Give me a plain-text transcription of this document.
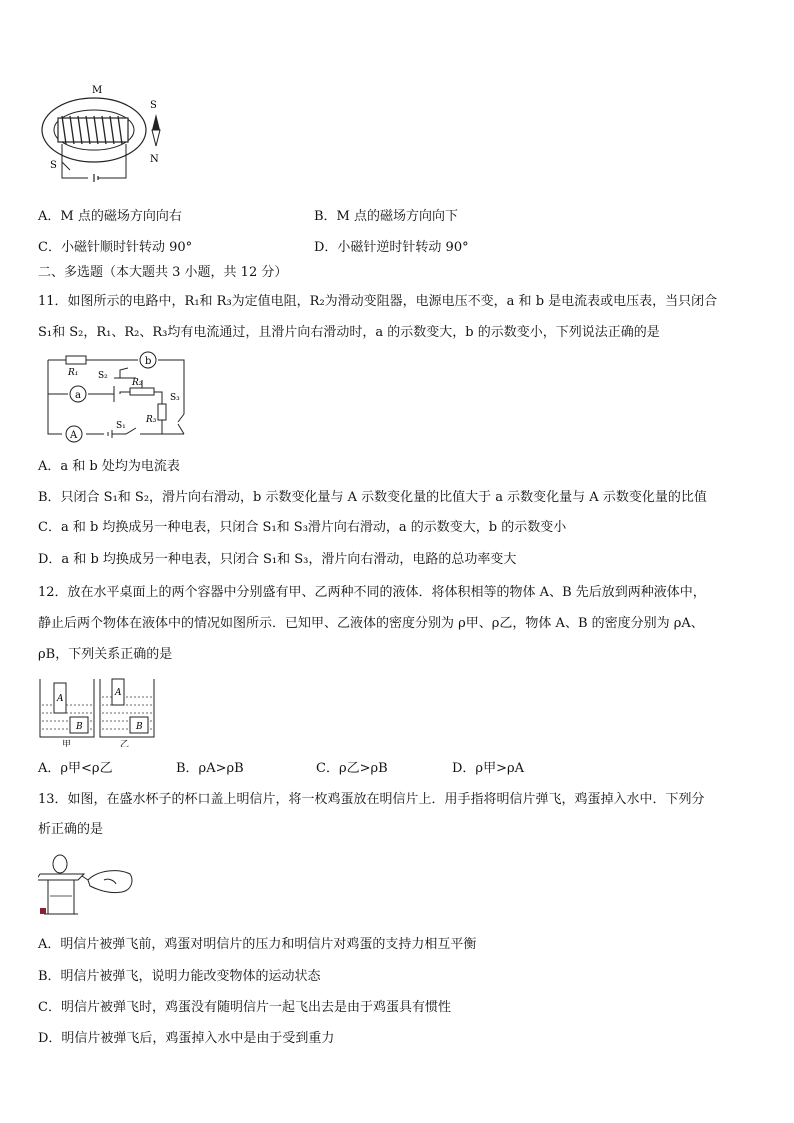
M
S
S
N
A．M 点的磁场方向向右	B．M 点的磁场方向向下
C．小磁针顺时针转动 90°	D．小磁针逆时针转动 90°
二、多选题（本大题共 3 小题，共 12 分）
11．如图所示的电路中，R₁和 R₃为定值电阻，R₂为滑动变阻器，电源电压不变，a 和 b 是电流表或电压表，当只闭合
S₁和 S₂，R₁、R₂、R₃均有电流通过，且滑片向右滑动时，a 的示数变大，b 的示数变小，下列说法正确的是
b
a
A
R₁
R₂
R₃
S₁
S₂
S₃
A．a 和 b 处均为电流表
B．只闭合 S₁和 S₂，滑片向右滑动，b 示数变化量与 A 示数变化量的比值大于 a 示数变化量与 A 示数变化量的比值
C．a 和 b 均换成另一种电表，只闭合 S₁和 S₃滑片向右滑动，a 的示数变大，b 的示数变小
D．a 和 b 均换成另一种电表，只闭合 S₁和 S₃，滑片向右滑动，电路的总功率变大
12．放在水平桌面上的两个容器中分别盛有甲、乙两种不同的液体．将体积相等的物体 A、B 先后放到两种液体中，
静止后两个物体在液体中的情况如图所示．已知甲、乙液体的密度分别为 ρ甲、ρ乙，物体 A、B 的密度分别为 ρA、
ρB，下列关系正确的是
A
B
A
B
甲	乙
A．ρ甲<ρ乙	B．ρA>ρB	C．ρ乙>ρB	D．ρ甲>ρA
13．如图，在盛水杯子的杯口盖上明信片，将一枚鸡蛋放在明信片上．用手指将明信片弹飞，鸡蛋掉入水中．下列分
析正确的是
A．明信片被弹飞前，鸡蛋对明信片的压力和明信片对鸡蛋的支持力相互平衡
B．明信片被弹飞，说明力能改变物体的运动状态
C．明信片被弹飞时，鸡蛋没有随明信片一起飞出去是由于鸡蛋具有惯性
D．明信片被弹飞后，鸡蛋掉入水中是由于受到重力
